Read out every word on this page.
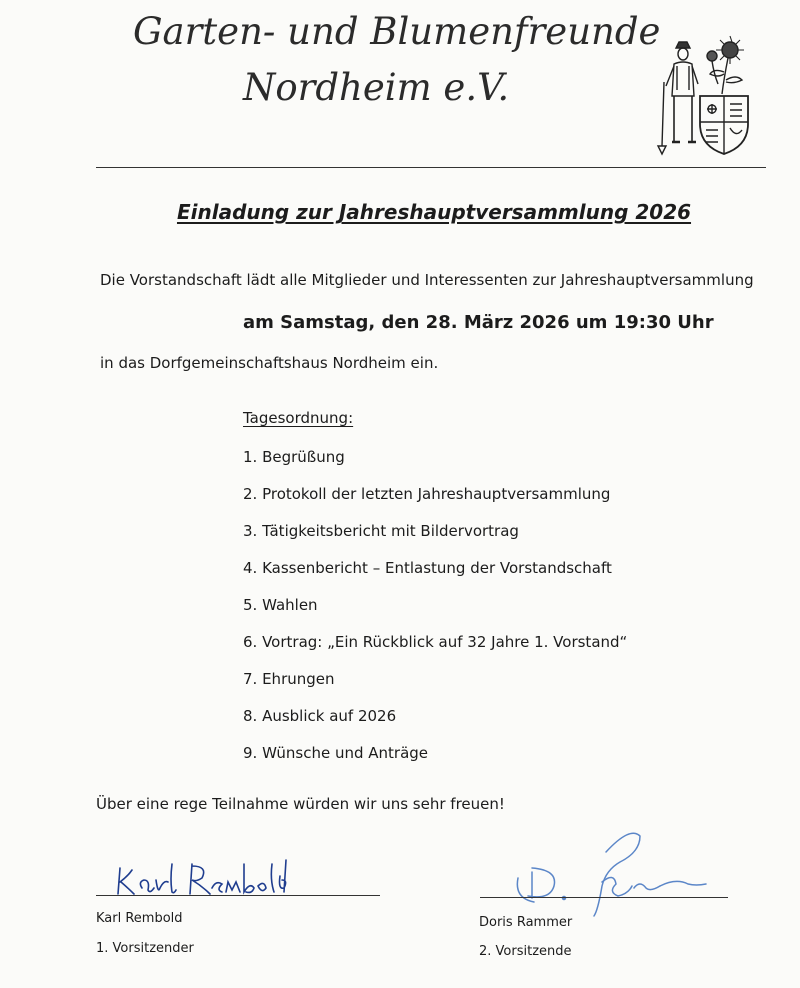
Garten- und Blumenfreunde
Nordheim e.V.
Einladung zur Jahreshauptversammlung 2026
Die Vorstandschaft lädt alle Mitglieder und Interessenten zur Jahreshauptversammlung
am Samstag, den 28. März 2026 um 19:30 Uhr
in das Dorfgemeinschaftshaus Nordheim ein.
Tagesordnung:
1. Begrüßung
2. Protokoll der letzten Jahreshauptversammlung
3. Tätigkeitsbericht mit Bildervortrag
4. Kassenbericht – Entlastung der Vorstandschaft
5. Wahlen
6. Vortrag: „Ein Rückblick auf 32 Jahre 1. Vorstand“
7. Ehrungen
8. Ausblick auf 2026
9. Wünsche und Anträge
Über eine rege Teilnahme würden wir uns sehr freuen!
Karl Rembold
1. Vorsitzender
Doris Rammer
2. Vorsitzende
